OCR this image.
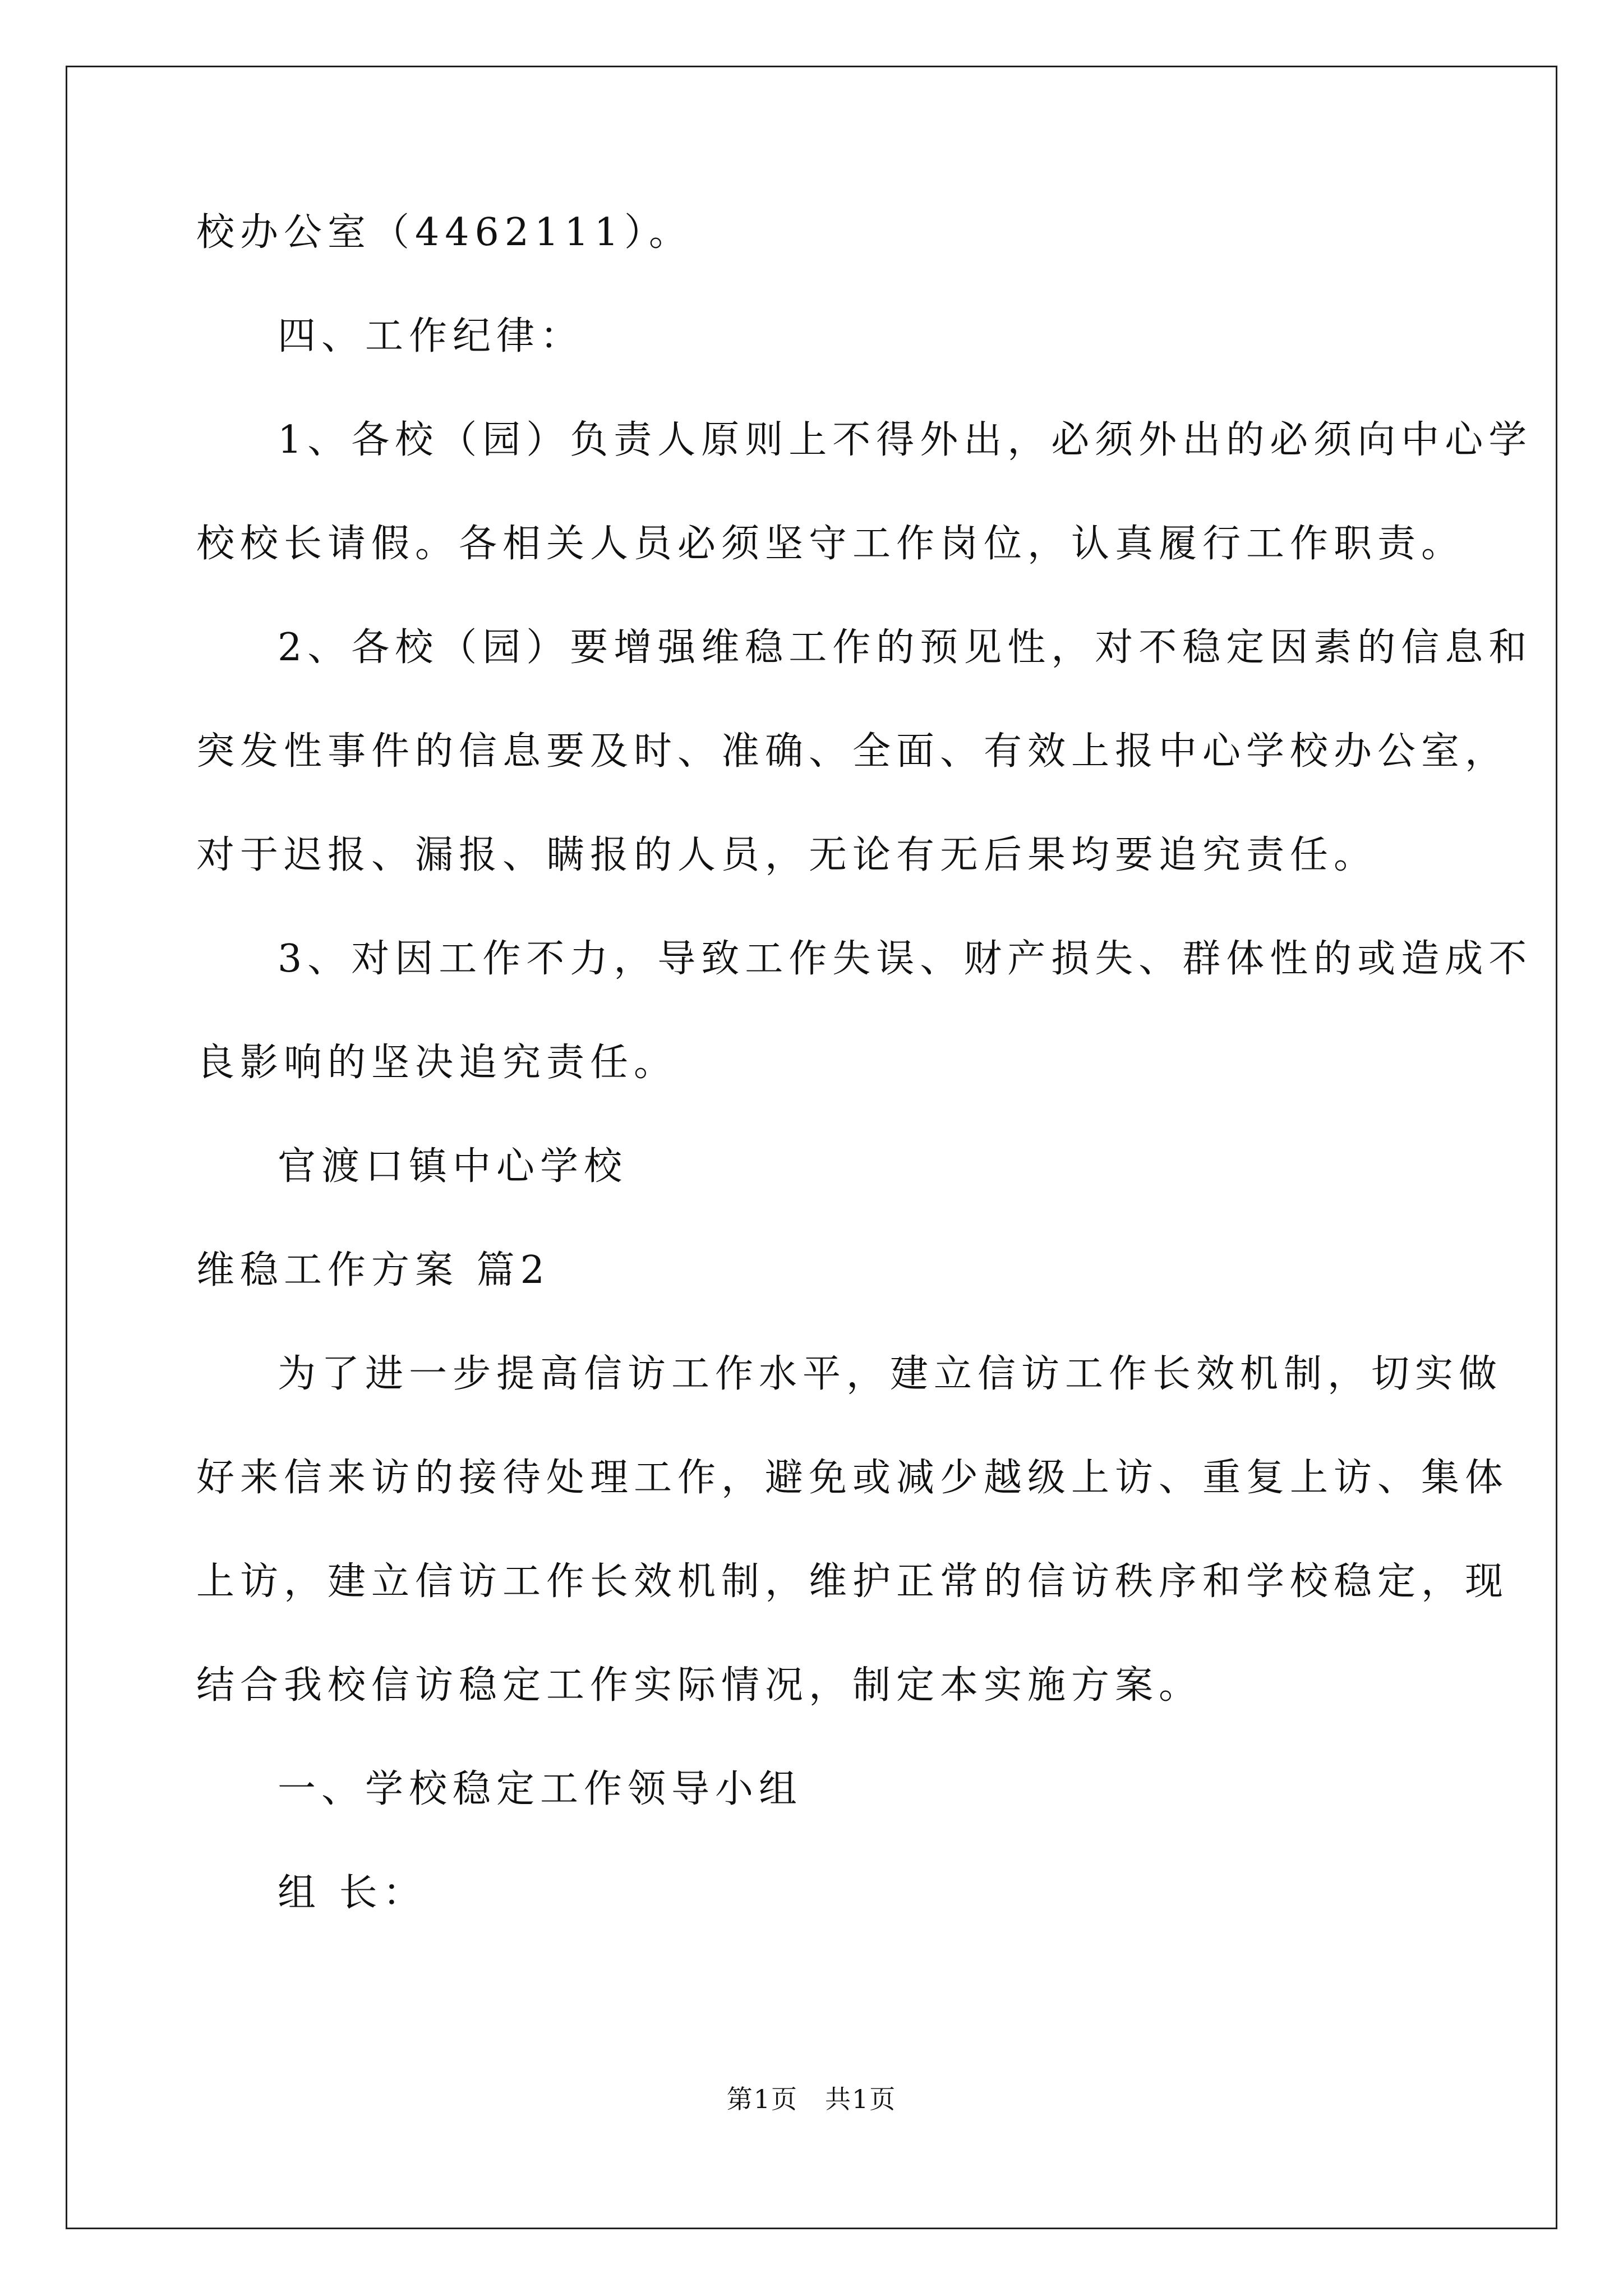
校办公室（4462111）。
四、工作纪律：
1、各校（园）负责人原则上不得外出，必须外出的必须向中心学
校校长请假。各相关人员必须坚守工作岗位，认真履行工作职责。
2、各校（园）要增强维稳工作的预见性，对不稳定因素的信息和
突发性事件的信息要及时、准确、全面、有效上报中心学校办公室，
对于迟报、漏报、瞒报的人员，无论有无后果均要追究责任。
3、对因工作不力，导致工作失误、财产损失、群体性的或造成不
良影响的坚决追究责任。
官渡口镇中心学校
维稳工作方案 篇2
为了进一步提高信访工作水平，建立信访工作长效机制，切实做
好来信来访的接待处理工作，避免或减少越级上访、重复上访、集体
上访，建立信访工作长效机制，维护正常的信访秩序和学校稳定，现
结合我校信访稳定工作实际情况，制定本实施方案。
一、学校稳定工作领导小组
组 长：
第1页　共1页
